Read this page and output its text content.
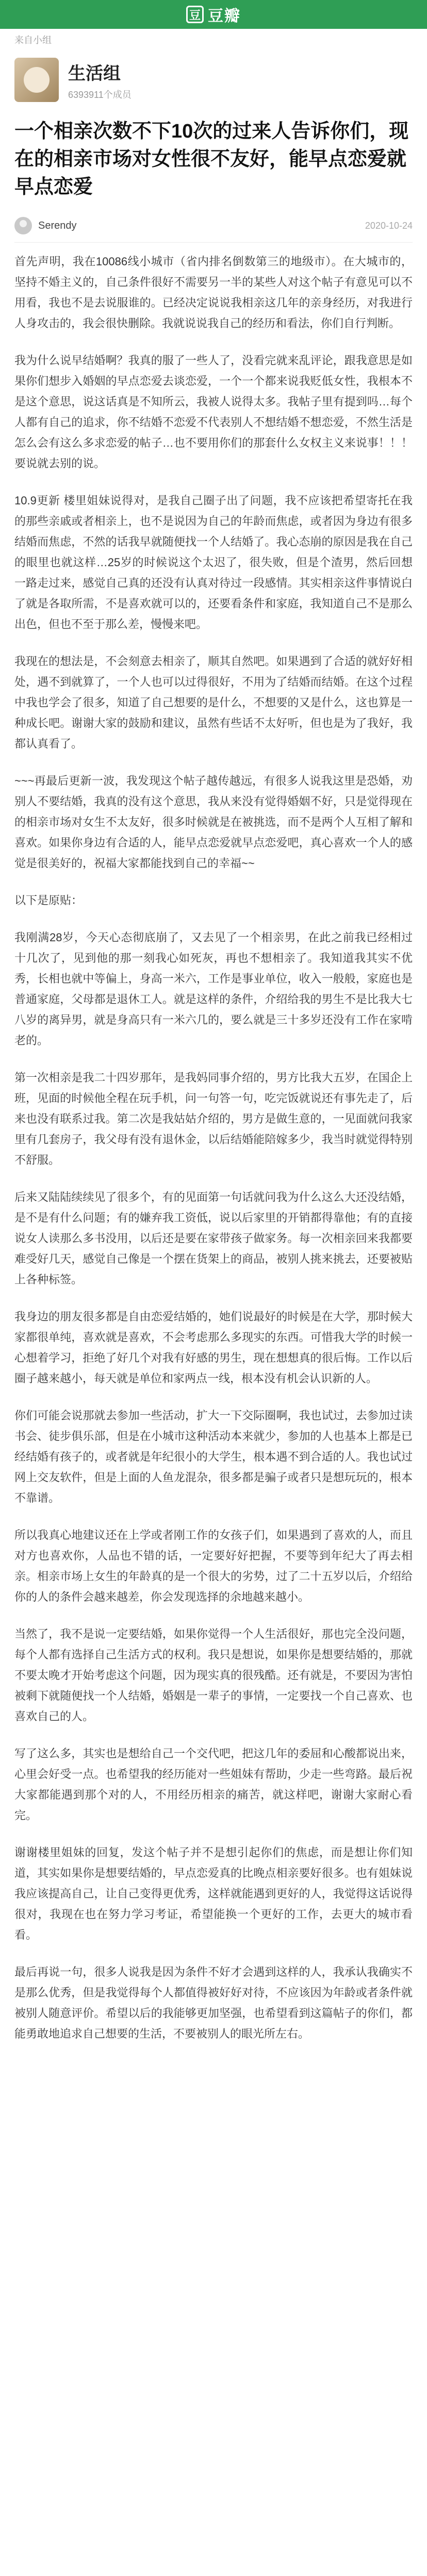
豆 豆瓣
来自小组
生活组
6393911个成员
一个相亲次数不下10次的过来人告诉你们，现在的相亲市场对女性很不友好，能早点恋爱就早点恋爱
Serendy	2020-10-24

首先声明，我在10086线小城市（省内排名倒数第三的地级市）。在大城市的，坚持不婚主义的，自己条件很好不需要另一半的某些人对这个帖子有意见可以不用看，我也不是去说服谁的。已经决定说说我相亲这几年的亲身经历，对我进行人身攻击的，我会很快删除。我就说说我自己的经历和看法，你们自行判断。

我为什么说早结婚啊？我真的服了一些人了，没看完就来乱评论，跟我意思是如果你们想步入婚姻的早点恋爱去谈恋爱，一个一个都来说我贬低女性，我根本不是这个意思，说这话真是不知所云，我被人说得太多。我帖子里有提到吗…每个人都有自己的追求，你不结婚不恋爱不代表别人不想结婚不想恋爱，不然生活是怎么会有这么多求恋爱的帖子…也不要用你们的那套什么女权主义来说事！！！要说就去别的说。

10.9更新 楼里姐妹说得对，是我自己圈子出了问题，我不应该把希望寄托在我的那些亲戚或者相亲上，也不是说因为自己的年龄而焦虑，或者因为身边有很多结婚而焦虑，不然的话我早就随便找一个人结婚了。我心态崩的原因是我在自己的眼里也就这样…25岁的时候说这个太迟了，很失败，但是个渣男，然后回想一路走过来，感觉自己真的还没有认真对待过一段感情。其实相亲这件事情说白了就是各取所需，不是喜欢就可以的，还要看条件和家庭，我知道自己不是那么出色，但也不至于那么差，慢慢来吧。

我现在的想法是，不会刻意去相亲了，顺其自然吧。如果遇到了合适的就好好相处，遇不到就算了，一个人也可以过得很好，不用为了结婚而结婚。在这个过程中我也学会了很多，知道了自己想要的是什么，不想要的又是什么，这也算是一种成长吧。谢谢大家的鼓励和建议，虽然有些话不太好听，但也是为了我好，我都认真看了。

~~~再最后更新一波，我发现这个帖子越传越远，有很多人说我这里是恐婚，劝别人不要结婚，我真的没有这个意思，我从来没有觉得婚姻不好，只是觉得现在的相亲市场对女生不太友好，很多时候就是在被挑选，而不是两个人互相了解和喜欢。如果你身边有合适的人，能早点恋爱就早点恋爱吧，真心喜欢一个人的感觉是很美好的，祝福大家都能找到自己的幸福~~

以下是原贴：

我刚满28岁，今天心态彻底崩了，又去见了一个相亲男，在此之前我已经相过十几次了，见到他的那一刻我心如死灰，再也不想相亲了。我知道我其实不优秀，长相也就中等偏上，身高一米六，工作是事业单位，收入一般般，家庭也是普通家庭，父母都是退休工人。就是这样的条件，介绍给我的男生不是比我大七八岁的离异男，就是身高只有一米六几的，要么就是三十多岁还没有工作在家啃老的。

第一次相亲是我二十四岁那年，是我妈同事介绍的，男方比我大五岁，在国企上班，见面的时候他全程在玩手机，问一句答一句，吃完饭就说还有事先走了，后来也没有联系过我。第二次是我姑姑介绍的，男方是做生意的，一见面就问我家里有几套房子，我父母有没有退休金，以后结婚能陪嫁多少，我当时就觉得特别不舒服。

后来又陆陆续续见了很多个，有的见面第一句话就问我为什么这么大还没结婚，是不是有什么问题；有的嫌弃我工资低，说以后家里的开销都得靠他；有的直接说女人读那么多书没用，以后还是要在家带孩子做家务。每一次相亲回来我都要难受好几天，感觉自己像是一个摆在货架上的商品，被别人挑来挑去，还要被贴上各种标签。

我身边的朋友很多都是自由恋爱结婚的，她们说最好的时候是在大学，那时候大家都很单纯，喜欢就是喜欢，不会考虑那么多现实的东西。可惜我大学的时候一心想着学习，拒绝了好几个对我有好感的男生，现在想想真的很后悔。工作以后圈子越来越小，每天就是单位和家两点一线，根本没有机会认识新的人。

你们可能会说那就去参加一些活动，扩大一下交际圈啊，我也试过，去参加过读书会、徒步俱乐部，但是在小城市这种活动本来就少，参加的人也基本上都是已经结婚有孩子的，或者就是年纪很小的大学生，根本遇不到合适的人。我也试过网上交友软件，但是上面的人鱼龙混杂，很多都是骗子或者只是想玩玩的，根本不靠谱。

所以我真心地建议还在上学或者刚工作的女孩子们，如果遇到了喜欢的人，而且对方也喜欢你，人品也不错的话，一定要好好把握，不要等到年纪大了再去相亲。相亲市场上女生的年龄真的是一个很大的劣势，过了二十五岁以后，介绍给你的人的条件会越来越差，你会发现选择的余地越来越小。

当然了，我不是说一定要结婚，如果你觉得一个人生活很好，那也完全没问题，每个人都有选择自己生活方式的权利。我只是想说，如果你是想要结婚的，那就不要太晚才开始考虑这个问题，因为现实真的很残酷。还有就是，不要因为害怕被剩下就随便找一个人结婚，婚姻是一辈子的事情，一定要找一个自己喜欢、也喜欢自己的人。

写了这么多，其实也是想给自己一个交代吧，把这几年的委屈和心酸都说出来，心里会好受一点。也希望我的经历能对一些姐妹有帮助，少走一些弯路。最后祝大家都能遇到那个对的人，不用经历相亲的痛苦，就这样吧，谢谢大家耐心看完。

谢谢楼里姐妹的回复，发这个帖子并不是想引起你们的焦虑，而是想让你们知道，其实如果你是想要结婚的，早点恋爱真的比晚点相亲要好很多。也有姐妹说我应该提高自己，让自己变得更优秀，这样就能遇到更好的人，我觉得这话说得很对，我现在也在努力学习考证，希望能换一个更好的工作，去更大的城市看看。

最后再说一句，很多人说我是因为条件不好才会遇到这样的人，我承认我确实不是那么优秀，但是我觉得每个人都值得被好好对待，不应该因为年龄或者条件就被别人随意评价。希望以后的我能够更加坚强，也希望看到这篇帖子的你们，都能勇敢地追求自己想要的生活，不要被别人的眼光所左右。
